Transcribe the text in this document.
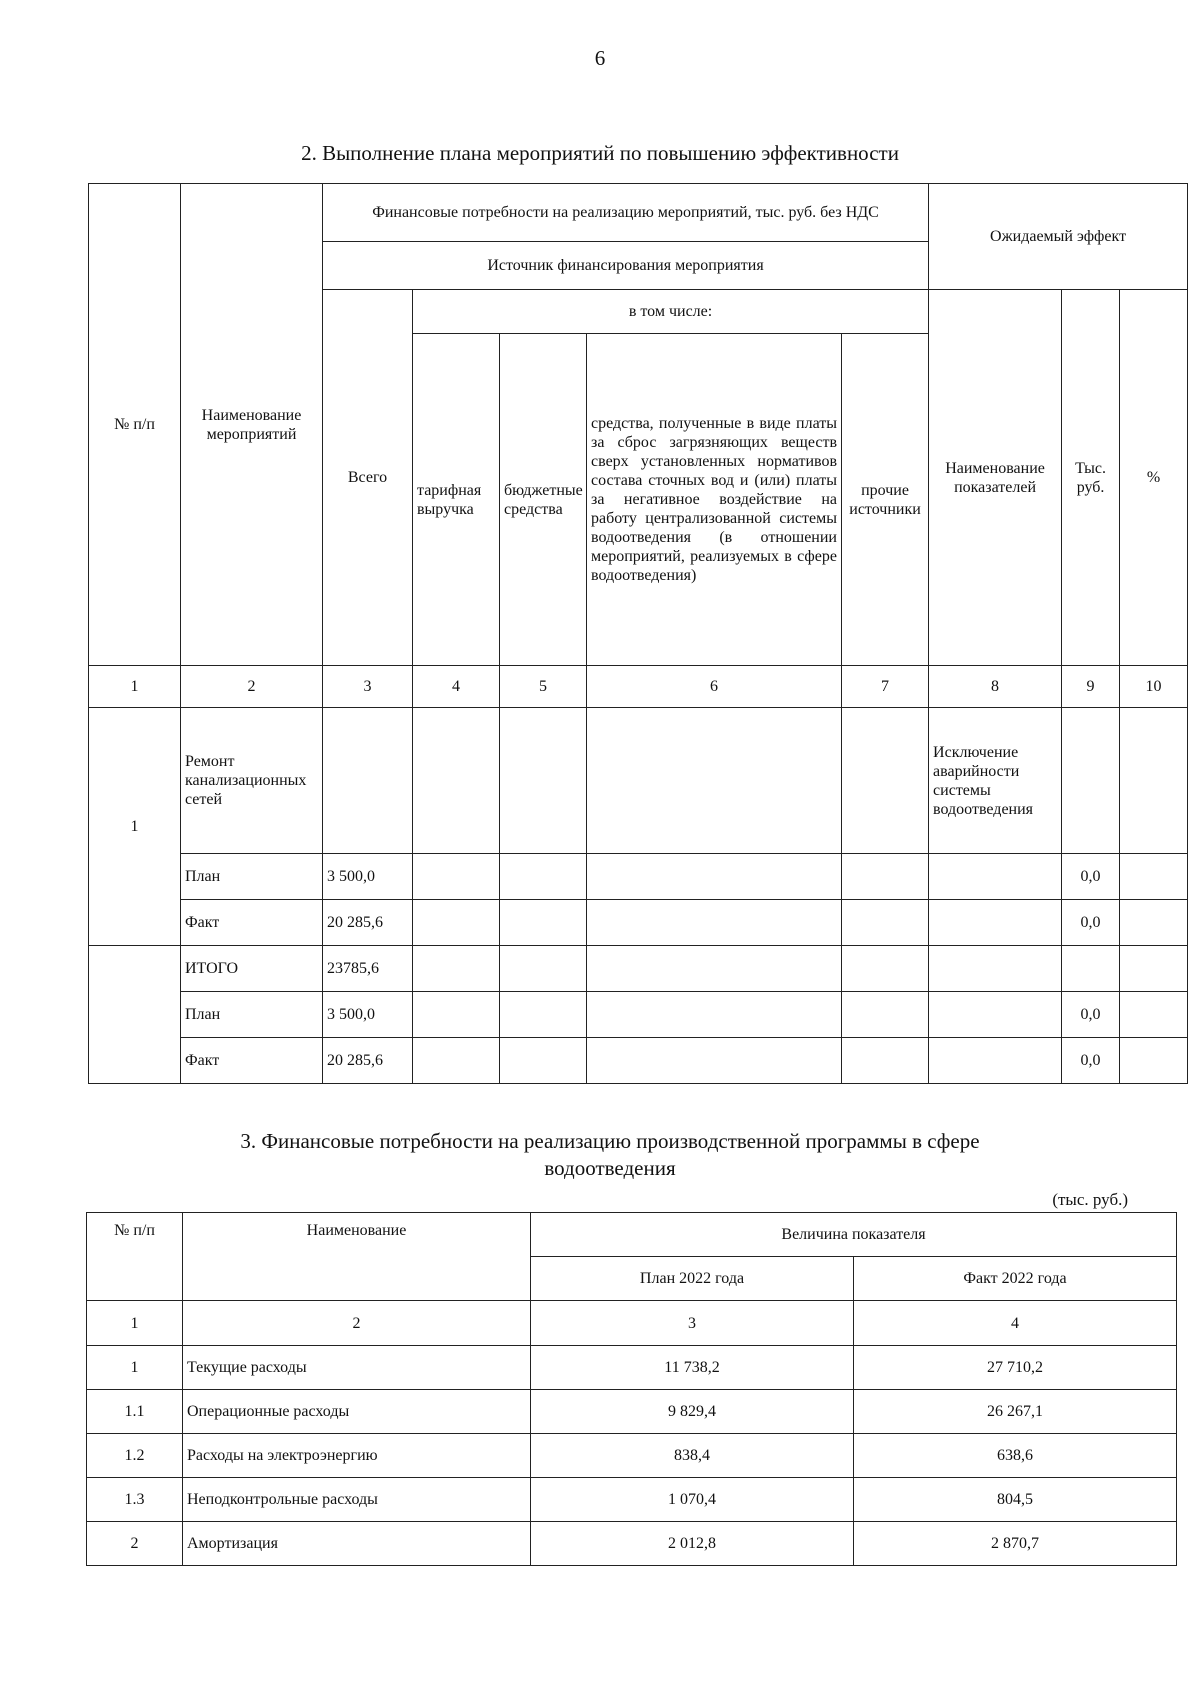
6
2. Выполнение плана мероприятий по повышению эффективности
№ п/п	Наименование мероприятий	Финансовые потребности на реализацию мероприятий, тыс. руб. без НДС					Ожидаемый эффект		
		Источник финансирования мероприятия							
		Всего	в том числе:				Наименование показателей	Тыс. руб.	%
			тарифная выручка	бюджетные средства	средства, полученные в виде платы за сброс загрязняющих веществ сверх установленных нормативов состава сточных вод и (или) платы за негативное воздействие на работу централизованной системы водоотведения (в отношении мероприятий, реализуемых в сфере водоотведения)	прочие источники			
1	2	3	4	5	6	7	8	9	10
1	Ремонт канализационных сетей						Исключение аварийности системы водоотведения		
	План	3 500,0						0,0	
	Факт	20 285,6						0,0	
	ИТОГО	23785,6							
	План	3 500,0						0,0	
	Факт	20 285,6						0,0	
3. Финансовые потребности на реализацию производственной программы в сфере водоотведения
(тыс. руб.)
№ п/п	Наименование	Величина показателя	
		План 2022 года	Факт 2022 года
1	2	3	4
1	Текущие расходы	11 738,2	27 710,2
1.1	Операционные расходы	9 829,4	26 267,1
1.2	Расходы на электроэнергию	838,4	638,6
1.3	Неподконтрольные расходы	1 070,4	804,5
2	Амортизация	2 012,8	2 870,7
